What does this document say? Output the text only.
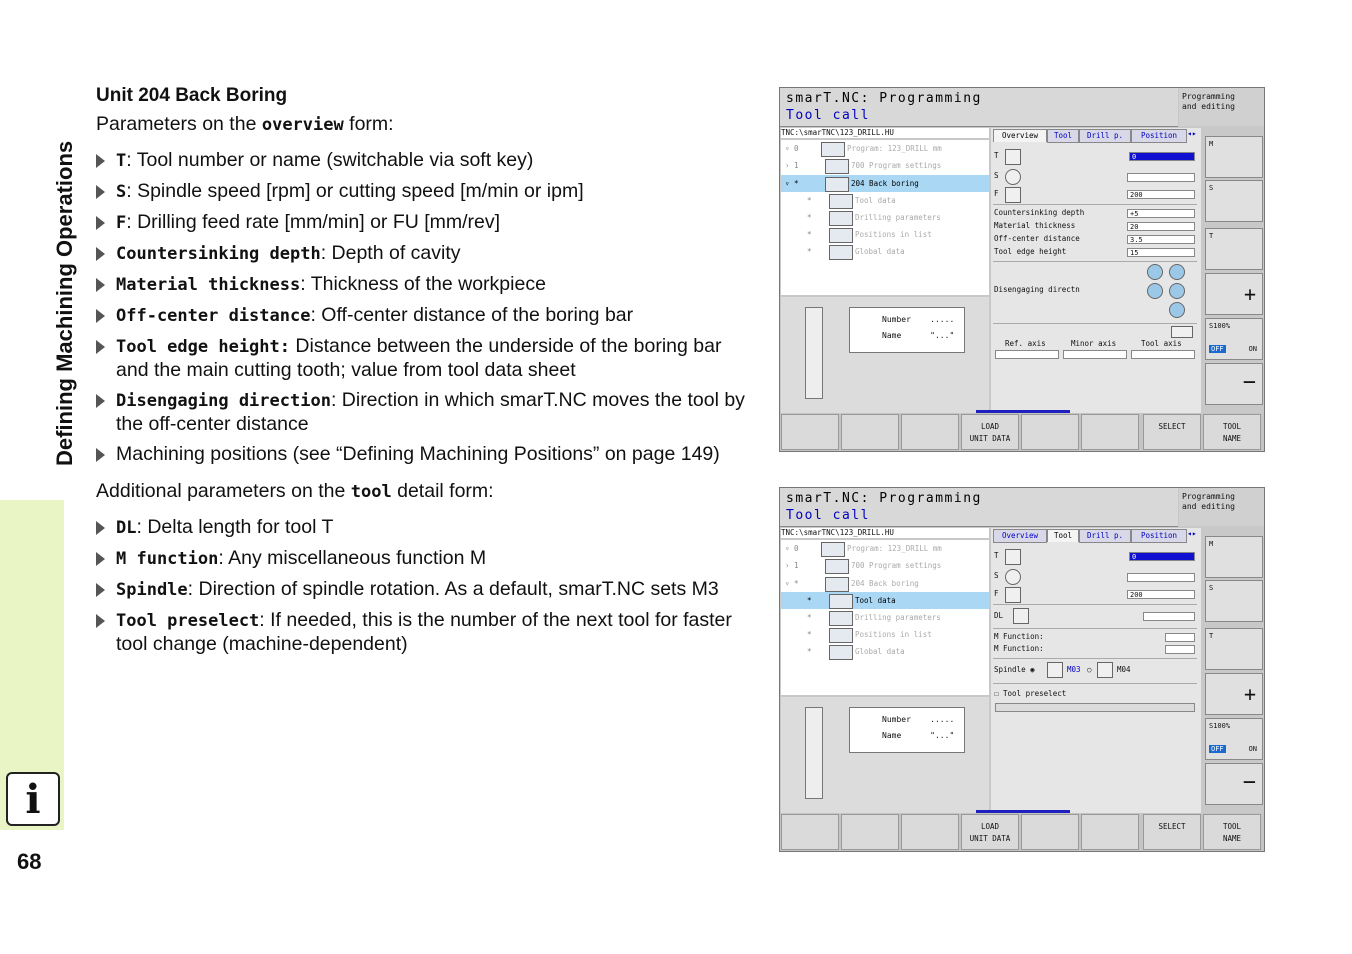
Defining Machining Operations
i
68
Unit 204 Back Boring

Parameters on the overview form:

T: Tool number or name (switchable via soft key)
S: Spindle speed [rpm] or cutting speed [m/min or ipm]
F: Drilling feed rate [mm/min] or FU [mm/rev]
Countersinking depth: Depth of cavity
Material thickness: Thickness of the workpiece
Off-center distance: Off-center distance of the boring bar
Tool edge height: Distance between the underside of the boring bar and the main cutting tooth; value from tool data sheet
Disengaging direction: Direction in which smarT.NC moves the tool by the off-center distance
Machining positions (see “Defining Machining Positions” on page 149)

Additional parameters on the tool detail form:

DL: Delta length for tool T
M function: Any miscellaneous function M
Spindle: Direction of spindle rotation. As a default, smarT.NC sets M3
Tool preselect: If needed, this is the number of the next tool for faster tool change (machine-dependent)
smarT.NC: Programming
Tool call
Programming
and editing
TNC:\smarTNC\123_DRILL.HU
▿ 0	Program: 123_DRILL mm
› 1	700 Program settings
▿ *	204 Back boring
*	Tool data
*	Drilling parameters
*	Positions in list
*	Global data
Number .....
Name	"..."
Overview	Tool	Drill p.	Position	◂▸
T	0
S
F	200
Countersinking depth	+5
Material thickness	20
Off-center distance	3.5
Tool edge height	15
Disengaging directn
Ref. axis	Minor axis	Tool axis
M
S
T
+
S100%
OFF	ON
−
LOAD
UNIT DATA
SELECT	TOOL
NAME
smarT.NC: Programming
Tool call
Programming
and editing
TNC:\smarTNC\123_DRILL.HU
▿ 0	Program: 123_DRILL mm
› 1	700 Program settings
▿ *	204 Back boring
*	Tool data
*	Drilling parameters
*	Positions in list
*	Global data
Number .....
Name	"..."
Overview	Tool	Drill p.	Position	◂▸
T	0
S
F	200
DL
M Function:
M Function:
Spindle ◉	M03 ○	M04
☐ Tool preselect
M
S
T
+
S100%
OFF	ON
−
LOAD
UNIT DATA
SELECT	TOOL
NAME
